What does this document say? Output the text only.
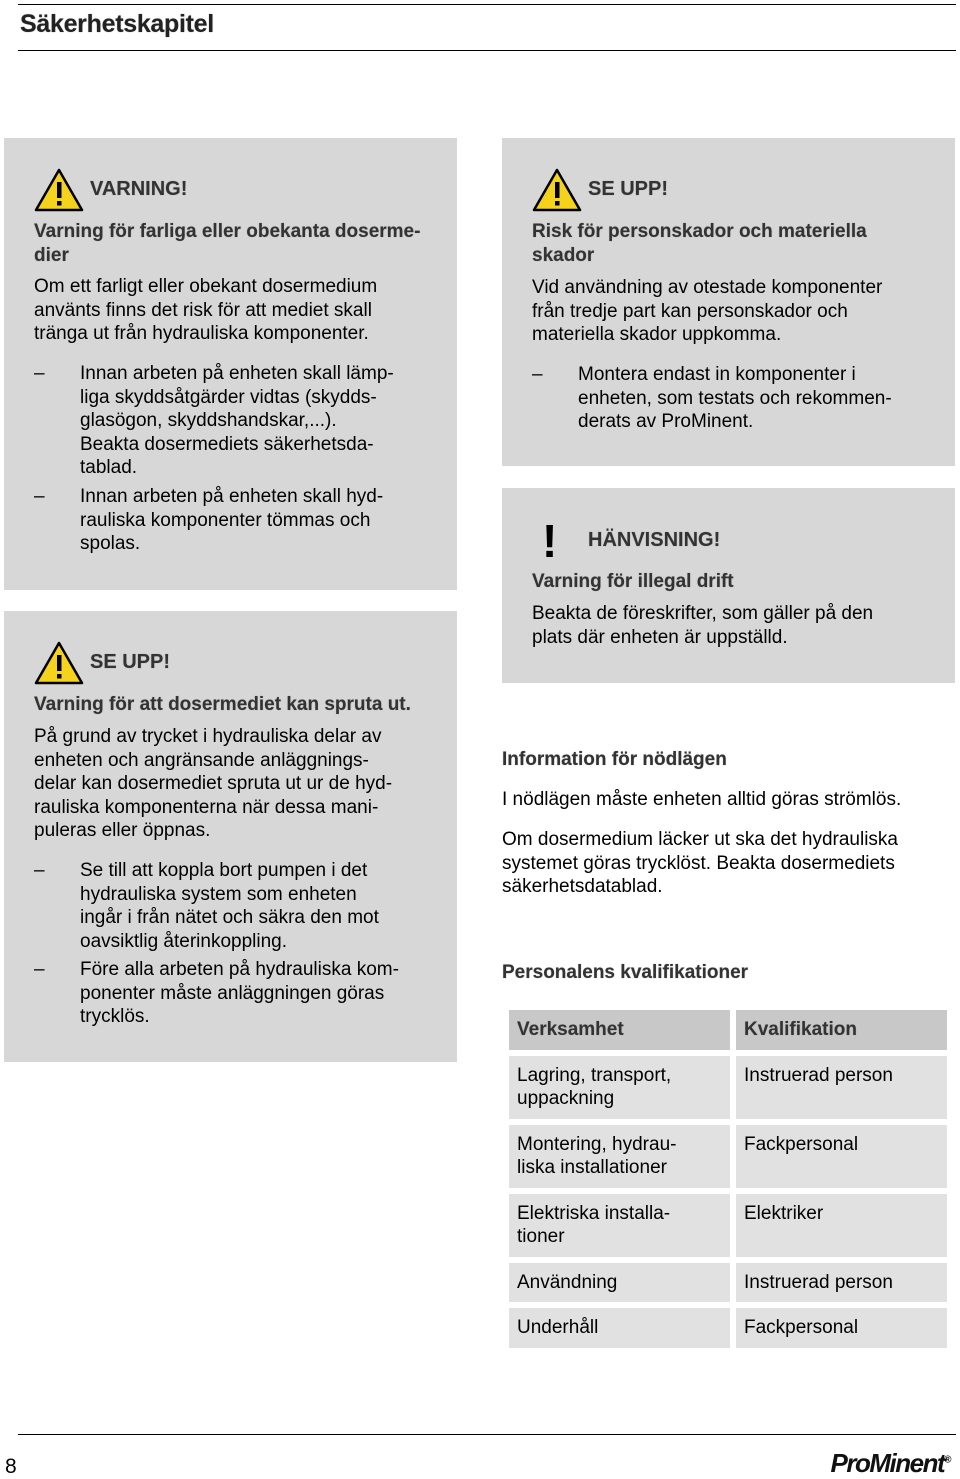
Säkerhetskapitel
VARNING!
Varning för farliga eller obekanta doserme-
dier
Om ett farligt eller obekant dosermedium
använts finns det risk för att mediet skall
tränga ut från hydrauliska komponenter.
–	Innan arbeten på enheten skall lämp-
liga skyddsåtgärder vidtas (skydds-
glasögon, skyddshandskar,...).
Beakta dosermediets säkerhetsda-
tablad.
–	Innan arbeten på enheten skall hyd-
rauliska komponenter tömmas och
spolas.
SE UPP!
Varning för att dosermediet kan spruta ut.
På grund av trycket i hydrauliska delar av
enheten och angränsande anläggnings-
delar kan dosermediet spruta ut ur de hyd-
rauliska komponenterna när dessa mani-
puleras eller öppnas.
–	Se till att koppla bort pumpen i det
hydrauliska system som enheten
ingår i från nätet och säkra den mot
oavsiktlig återinkoppling.
–	Före alla arbeten på hydrauliska kom-
ponenter måste anläggningen göras
trycklös.
SE UPP!
Risk för personskador och materiella
skador
Vid användning av otestade komponenter
från tredje part kan personskador och
materiella skador uppkomma.
–	Montera endast in komponenter i
enheten, som testats och rekommen-
derats av ProMinent.
! HÄNVISNING!
Varning för illegal drift
Beakta de föreskrifter, som gäller på den
plats där enheten är uppställd.
Information för nödlägen
I nödlägen måste enheten alltid göras strömlös.
Om dosermedium läcker ut ska det hydrauliska
systemet göras trycklöst. Beakta dosermediets
säkerhetsdatablad.
Personalens kvalifikationer
Verksamhet	Kvalifikation

Lagring, transport,
uppackning	Instruerad person

Montering, hydrau-
liska installationer	Fackpersonal

Elektriska installa-
tioner	Elektriker

Användning	Instruerad person

Underhåll	Fackpersonal
8	ProMinent®
